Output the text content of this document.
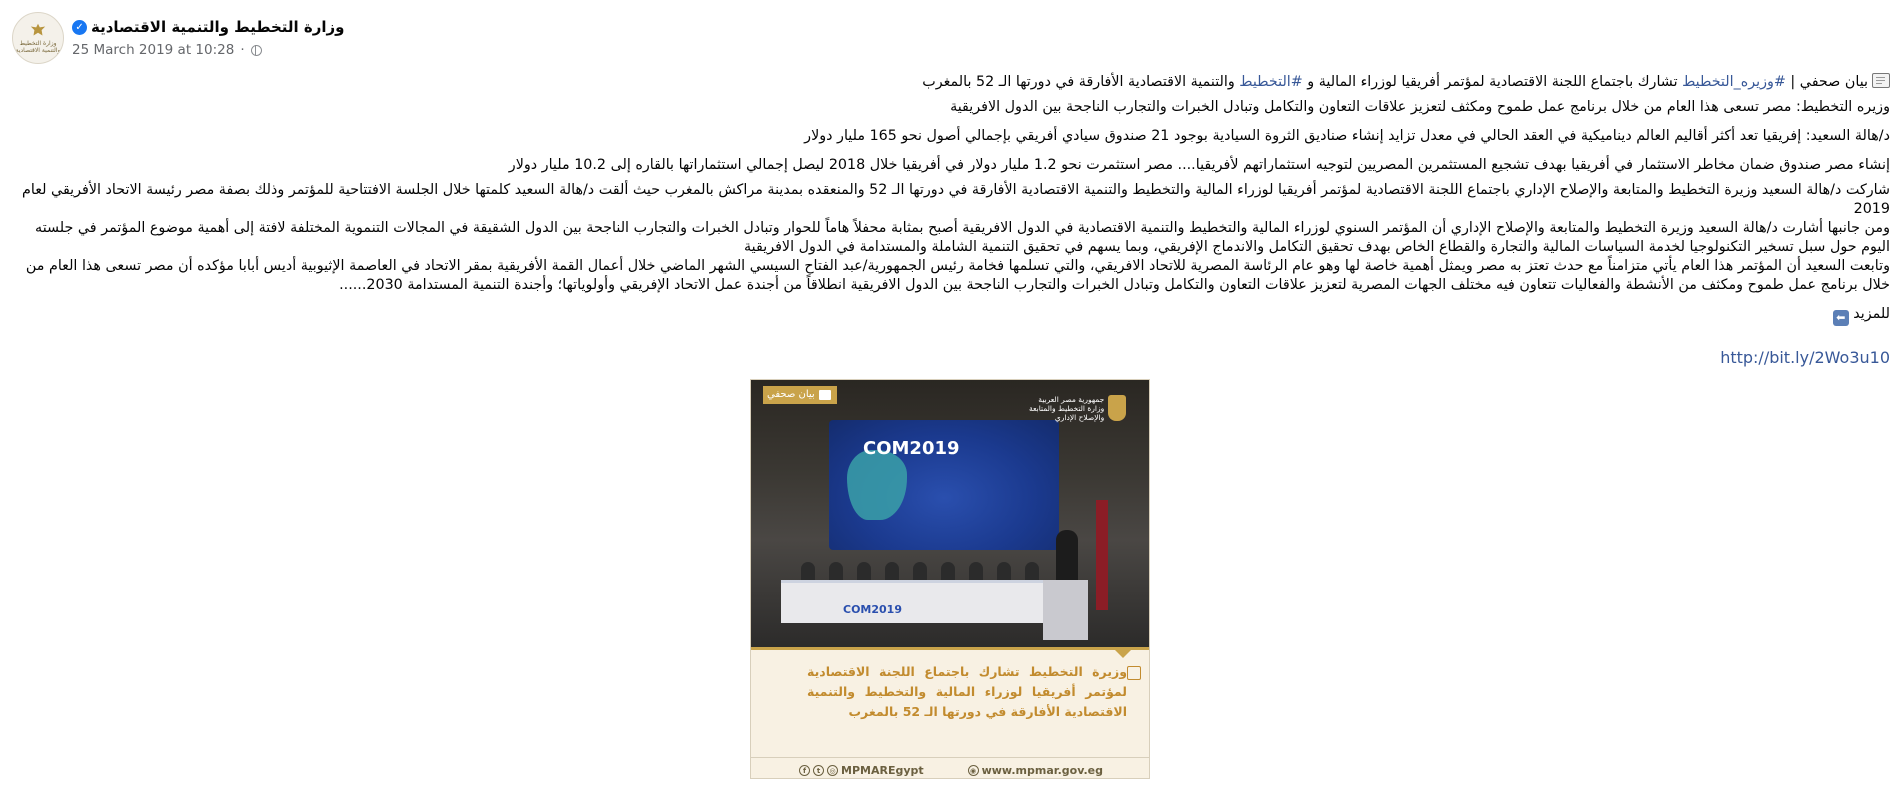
وزارة التخطيط والتنمية الاقتصادية
وزارة التخطيط والتنمية الاقتصادية
✓
25 March 2019 at 10:28 ·

بيان صحفي | #وزيره_التخطيط تشارك باجتماع اللجنة الاقتصادية لمؤتمر أفريقيا لوزراء المالية و #التخطيط والتنمية الاقتصادية الأفارقة في دورتها الـ 52 بالمغرب

وزيره التخطيط: مصر تسعى هذا العام من خلال برنامج عمل طموح ومكثف لتعزيز علاقات التعاون والتكامل وتبادل الخبرات والتجارب الناجحة بين الدول الافريقية

د/هالة السعيد: إفريقيا تعد أكثر أقاليم العالم ديناميكية في العقد الحالي في معدل تزايد إنشاء صناديق الثروة السيادية بوجود 21 صندوق سيادي أفريقي بإجمالي أصول نحو 165 مليار دولار

إنشاء مصر صندوق ضمان مخاطر الاستثمار في أفريقيا بهدف تشجيع المستثمرين المصريين لتوجيه استثماراتهم لأفريقيا.... مصر استثمرت نحو 1.2 مليار دولار في أفريقيا خلال 2018 ليصل إجمالي استثماراتها بالقاره إلى 10.2 مليار دولار

شاركت د/هالة السعيد وزيرة التخطيط والمتابعة والإصلاح الإداري باجتماع اللجنة الاقتصادية لمؤتمر أفريقيا لوزراء المالية والتخطيط والتنمية الاقتصادية الأفارقة في دورتها الـ 52 والمنعقده بمدينة مراكش بالمغرب حيث ألقت د/هالة السعيد كلمتها خلال الجلسة الافتتاحية للمؤتمر وذلك بصفة مصر رئيسة الاتحاد الأفريقي لعام 2019

ومن جانبها أشارت د/هالة السعيد وزيرة التخطيط والمتابعة والإصلاح الإداري أن المؤتمر السنوي لوزراء المالية والتخطيط والتنمية الاقتصادية في الدول الافريقية أصبح بمثابة محفلاً هاماً للحوار وتبادل الخبرات والتجارب الناجحة بين الدول الشقيقة في المجالات التنموية المختلفة لافتة إلى أهمية موضوع المؤتمر في جلسته اليوم حول سبل تسخير التكنولوجيا لخدمة السياسات المالية والتجارة والقطاع الخاص بهدف تحقيق التكامل والاندماج الإفريقي، وبما يسهم في تحقيق التنمية الشاملة والمستدامة في الدول الافريقية

وتابعت السعيد أن المؤتمر هذا العام يأتي متزامناً مع حدث تعتز به مصر ويمثل أهمية خاصة لها وهو عام الرئاسة المصرية للاتحاد الافريقي، والتي تسلمها فخامة رئيس الجمهورية/عبد الفتاح السيسي الشهر الماضي خلال أعمال القمة الأفريقية بمقر الاتحاد في العاصمة الإثيوبية أديس أبابا مؤكده أن مصر تسعى هذا العام من خلال برنامج عمل طموح ومكثف من الأنشطة والفعاليات تتعاون فيه مختلف الجهات المصرية لتعزيز علاقات التعاون والتكامل وتبادل الخبرات والتجارب الناجحة بين الدول الافريقية انطلاقاً من أجندة عمل الاتحاد الإفريقي وأولوياتها؛ وأجندة التنمية المستدامة 2030......

للمزيد ⬅

http://bit.ly/2Wo3u10
COM2019
COM2019
بيان صحفي	جمهورية مصر العربية
وزارة التخطيط والمتابعة
والإصلاح الإداري
وزيرة التخطيط تشارك باجتماع اللجنة الاقتصادية لمؤتمر أفريقيا لوزراء المالية والتخطيط والتنمية الاقتصادية الأفارقة في دورتها الـ 52 بالمغرب
f	t	◎ MPMAREgypt	◉ www.mpmar.gov.eg
